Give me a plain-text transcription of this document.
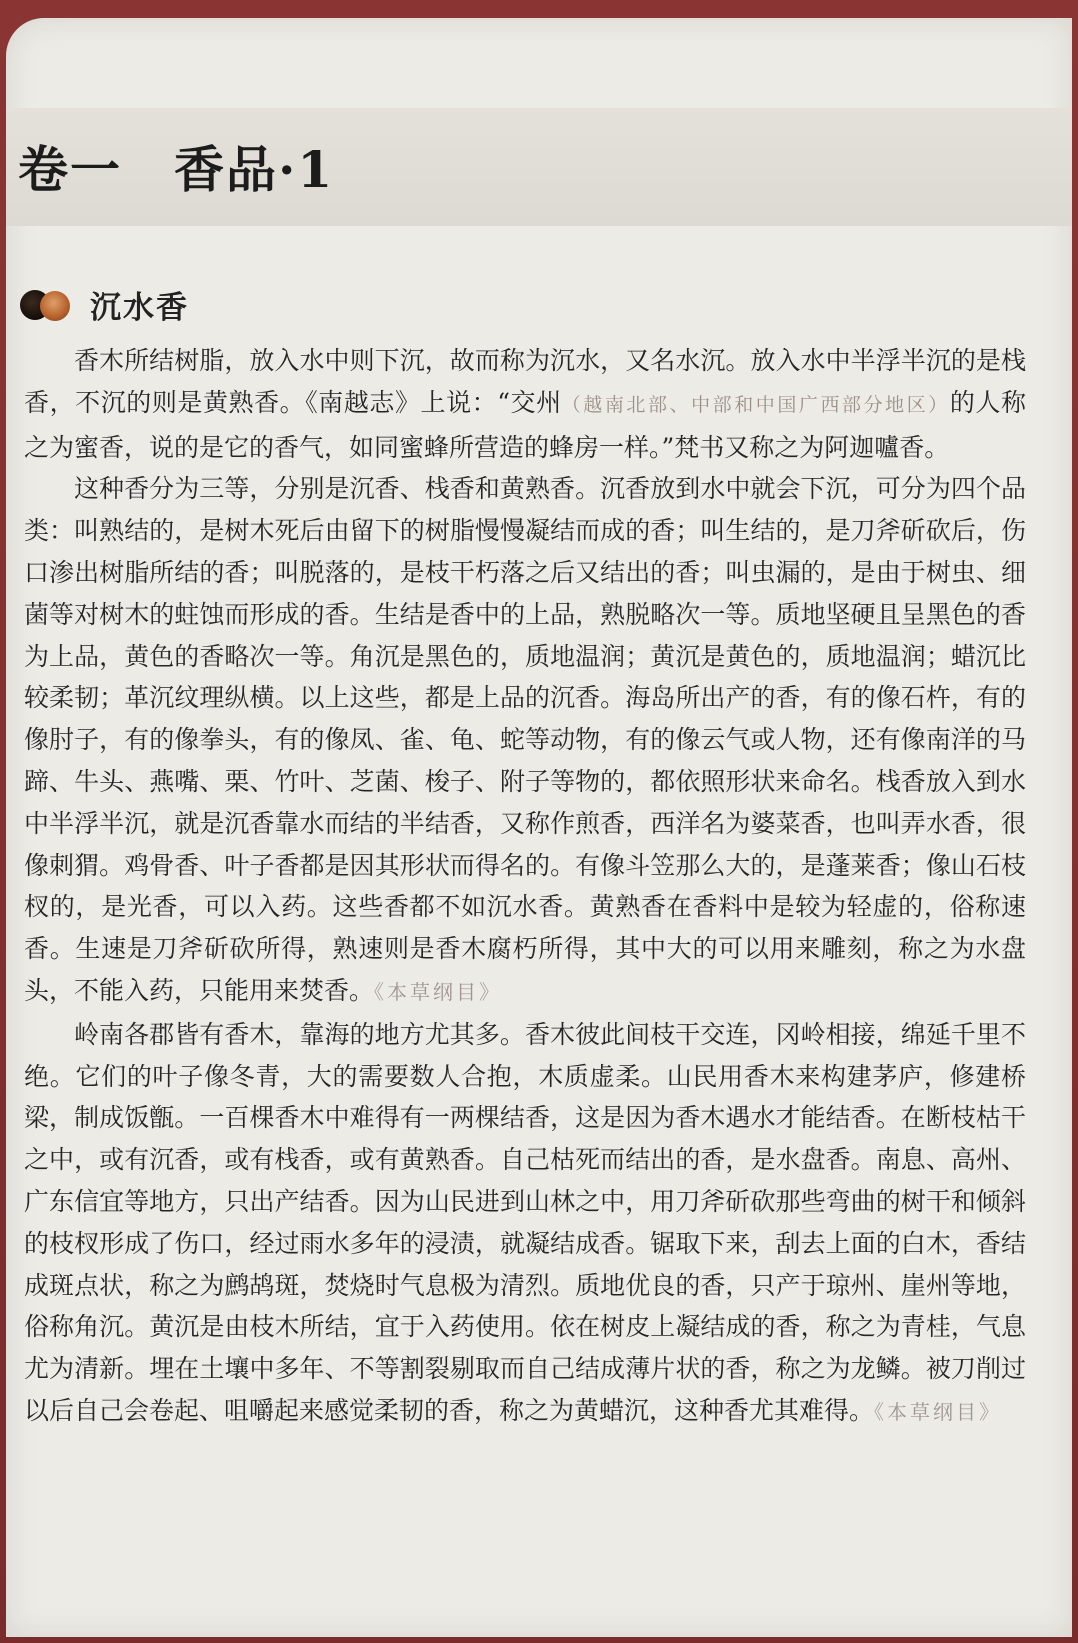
卷一　香品·1
沉水香

香木所结树脂，放入水中则下沉，故而称为沉水，又名水沉。放入水中半浮半沉的是栈香，不沉的则是黄熟香。《南越志》上说：“交州（越南北部、中部和中国广西部分地区）的人称之为蜜香，说的是它的香气，如同蜜蜂所营造的蜂房一样。”梵书又称之为阿迦嚧香。

这种香分为三等，分别是沉香、栈香和黄熟香。沉香放到水中就会下沉，可分为四个品类：叫熟结的，是树木死后由留下的树脂慢慢凝结而成的香；叫生结的，是刀斧斫砍后，伤口渗出树脂所结的香；叫脱落的，是枝干朽落之后又结出的香；叫虫漏的，是由于树虫、细菌等对树木的蛀蚀而形成的香。生结是香中的上品，熟脱略次一等。质地坚硬且呈黑色的香为上品，黄色的香略次一等。角沉是黑色的，质地温润；黄沉是黄色的，质地温润；蜡沉比较柔韧；革沉纹理纵横。以上这些，都是上品的沉香。海岛所出产的香，有的像石杵，有的像肘子，有的像拳头，有的像凤、雀、龟、蛇等动物，有的像云气或人物，还有像南洋的马蹄、牛头、燕嘴、栗、竹叶、芝菌、梭子、附子等物的，都依照形状来命名。栈香放入到水中半浮半沉，就是沉香靠水而结的半结香，又称作煎香，西洋名为婆菜香，也叫弄水香，很像刺猬。鸡骨香、叶子香都是因其形状而得名的。有像斗笠那么大的，是蓬莱香；像山石枝杈的，是光香，可以入药。这些香都不如沉水香。黄熟香在香料中是较为轻虚的，俗称速香。生速是刀斧斫砍所得，熟速则是香木腐朽所得，其中大的可以用来雕刻，称之为水盘头，不能入药，只能用来焚香。《本草纲目》

岭南各郡皆有香木，靠海的地方尤其多。香木彼此间枝干交连，冈岭相接，绵延千里不绝。它们的叶子像冬青，大的需要数人合抱，木质虚柔。山民用香木来构建茅庐，修建桥梁，制成饭甑。一百棵香木中难得有一两棵结香，这是因为香木遇水才能结香。在断枝枯干之中，或有沉香，或有栈香，或有黄熟香。自己枯死而结出的香，是水盘香。南息、高州、广东信宜等地方，只出产结香。因为山民进到山林之中，用刀斧斫砍那些弯曲的树干和倾斜的枝杈形成了伤口，经过雨水多年的浸渍，就凝结成香。锯取下来，刮去上面的白木，香结成斑点状，称之为鹧鸪斑，焚烧时气息极为清烈。质地优良的香，只产于琼州、崖州等地，俗称角沉。黄沉是由枝木所结，宜于入药使用。依在树皮上凝结成的香，称之为青桂，气息尤为清新。埋在土壤中多年、不等割裂剔取而自己结成薄片状的香，称之为龙鳞。被刀削过以后自己会卷起、咀嚼起来感觉柔韧的香，称之为黄蜡沉，这种香尤其难得。《本草纲目》
